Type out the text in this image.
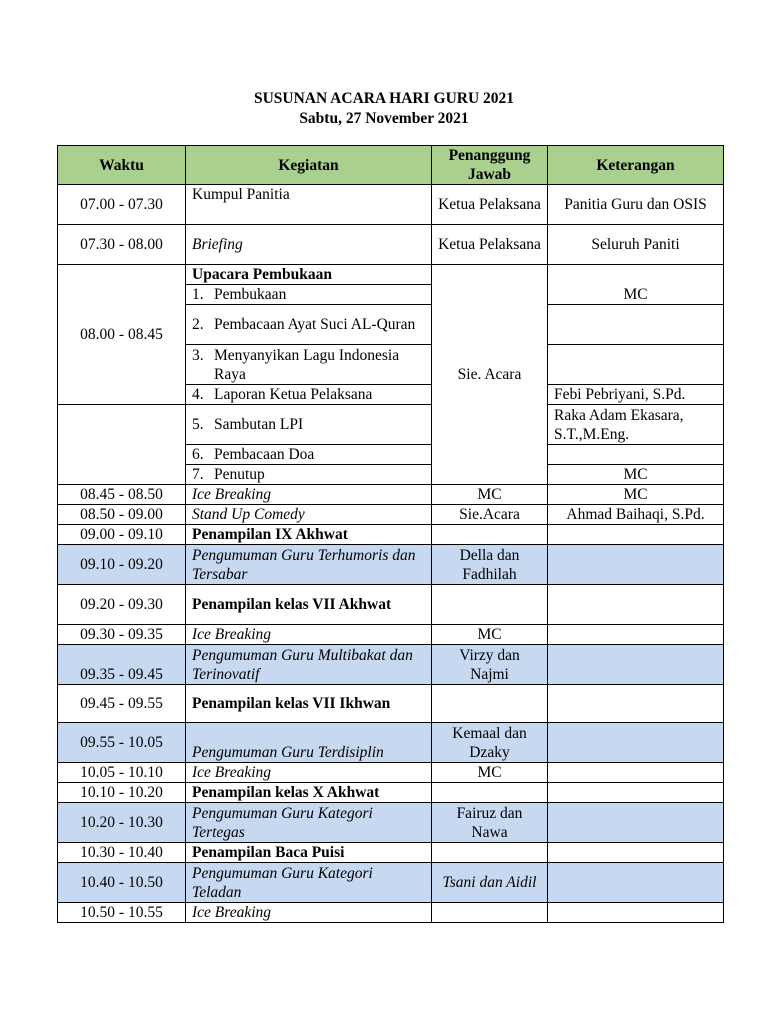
SUSUNAN ACARA HARI GURU 2021
Sabtu, 27 November 2021
Waktu	Kegiatan	Penanggung Jawab	Keterangan
07.00 - 07.30	Kumpul Panitia	Ketua Pelaksana	Panitia Guru dan OSIS
07.30 - 08.00	Briefing	Ketua Pelaksana	Seluruh Paniti
08.00 - 08.45	Upacara Pembukaan	Sie. Acara	

	1. Pembukaan		MC

	2. Pembacaan Ayat Suci AL-Quran		

	3. Menyanyikan Lagu Indonesia Raya		

	4. Laporan Ketua Pelaksana		Febi Pebriyani, S.Pd.

	5. Sambutan LPI		Raka Adam Ekasara, S.T.,M.Eng.

	6. Pembacaan Doa		

	7. Penutup		MC
08.45 - 08.50	Ice Breaking	MC	MC
08.50 - 09.00	Stand Up Comedy	Sie.Acara	Ahmad Baihaqi, S.Pd.
09.00 - 09.10	Penampilan IX Akhwat		
09.10 - 09.20	Pengumuman Guru Terhumoris dan Tersabar	Della dan Fadhilah	
09.20 - 09.30	Penampilan kelas VII Akhwat		
09.30 - 09.35	Ice Breaking	MC	
09.35 - 09.45	Pengumuman Guru Multibakat dan Terinovatif	Virzy dan Najmi	
09.45 - 09.55	Penampilan kelas VII Ikhwan		
09.55 - 10.05	Pengumuman Guru Terdisiplin	Kemaal dan Dzaky	
10.05 - 10.10	Ice Breaking	MC	
10.10 - 10.20	Penampilan kelas X Akhwat		
10.20 - 10.30	Pengumuman Guru Kategori Tertegas	Fairuz dan Nawa	
10.30 - 10.40	Penampilan Baca Puisi		
10.40 - 10.50	Pengumuman Guru Kategori Teladan	Tsani dan Aidil	
10.50 - 10.55	Ice Breaking		
